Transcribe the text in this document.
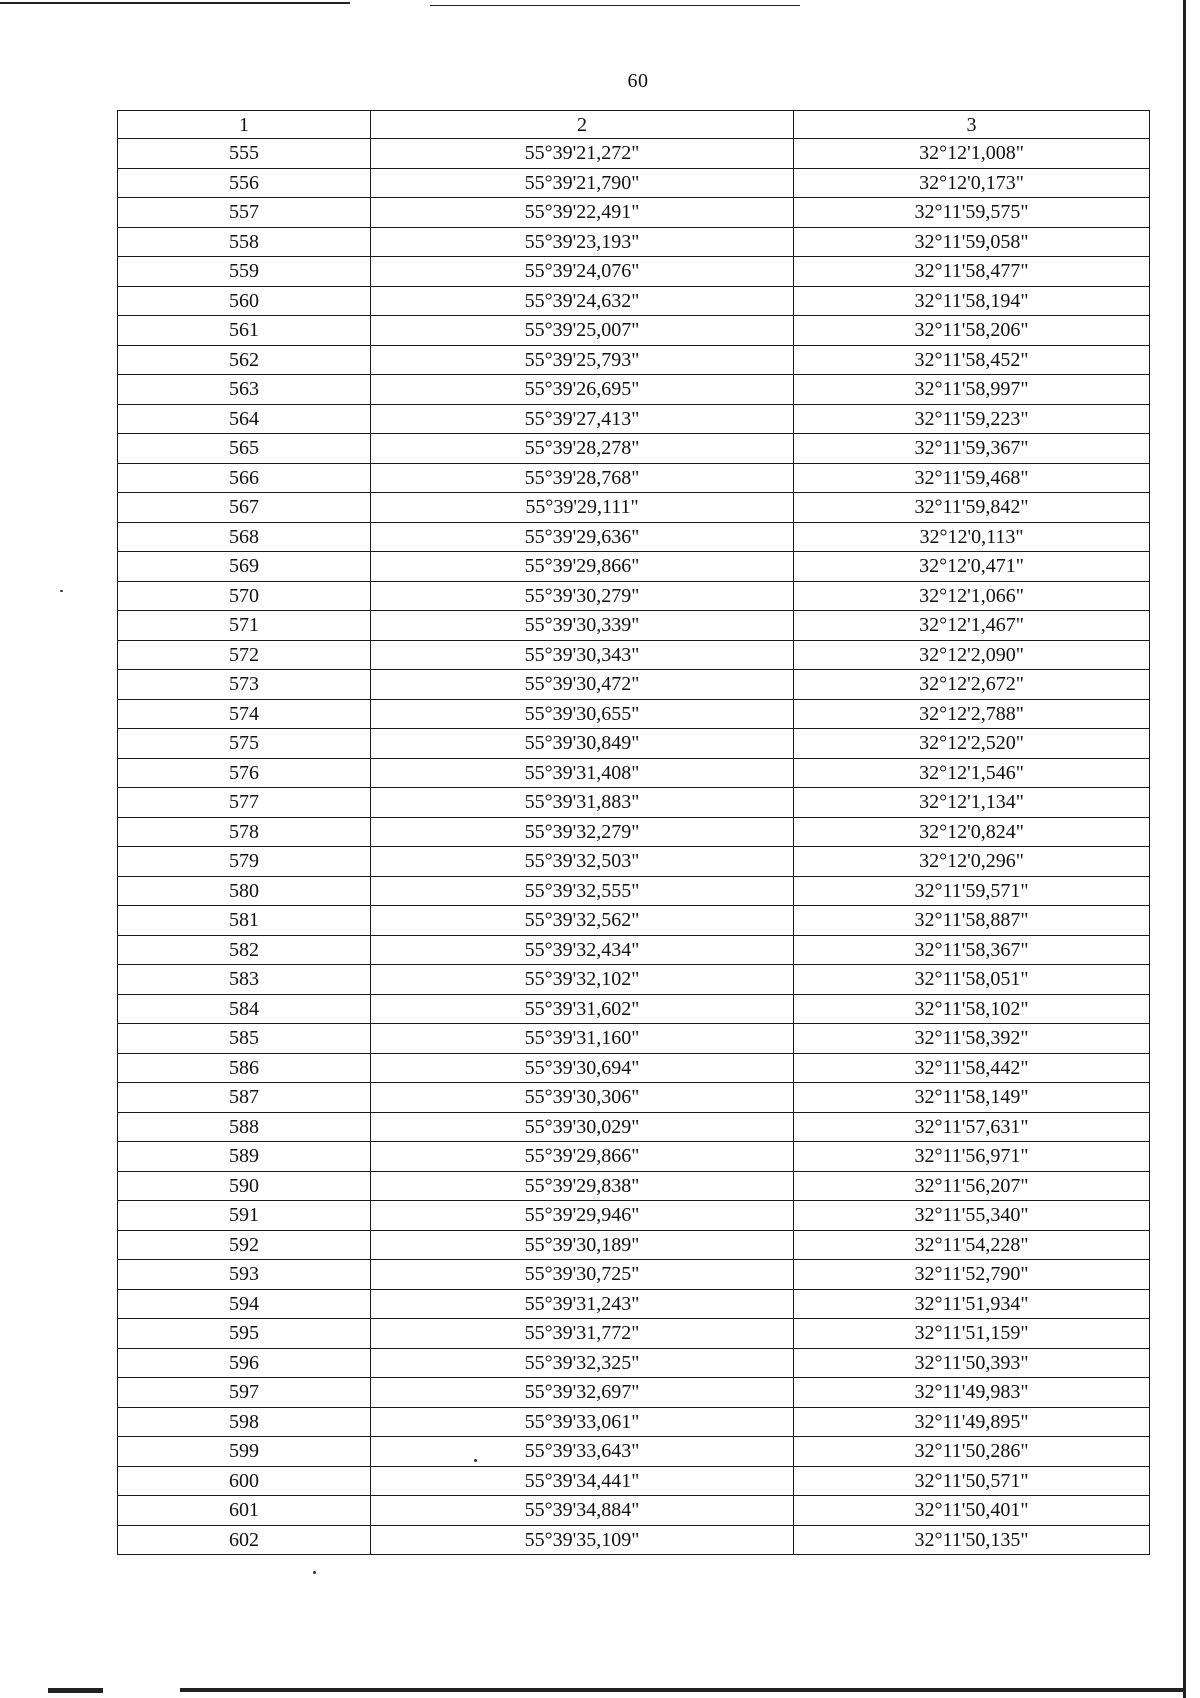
60
1	2	3
555	55°39'21,272"	32°12'1,008"
556	55°39'21,790"	32°12'0,173"
557	55°39'22,491"	32°11'59,575"
558	55°39'23,193"	32°11'59,058"
559	55°39'24,076"	32°11'58,477"
560	55°39'24,632"	32°11'58,194"
561	55°39'25,007"	32°11'58,206"
562	55°39'25,793"	32°11'58,452"
563	55°39'26,695"	32°11'58,997"
564	55°39'27,413"	32°11'59,223"
565	55°39'28,278"	32°11'59,367"
566	55°39'28,768"	32°11'59,468"
567	55°39'29,111"	32°11'59,842"
568	55°39'29,636"	32°12'0,113"
569	55°39'29,866"	32°12'0,471"
570	55°39'30,279"	32°12'1,066"
571	55°39'30,339"	32°12'1,467"
572	55°39'30,343"	32°12'2,090"
573	55°39'30,472"	32°12'2,672"
574	55°39'30,655"	32°12'2,788"
575	55°39'30,849"	32°12'2,520"
576	55°39'31,408"	32°12'1,546"
577	55°39'31,883"	32°12'1,134"
578	55°39'32,279"	32°12'0,824"
579	55°39'32,503"	32°12'0,296"
580	55°39'32,555"	32°11'59,571"
581	55°39'32,562"	32°11'58,887"
582	55°39'32,434"	32°11'58,367"
583	55°39'32,102"	32°11'58,051"
584	55°39'31,602"	32°11'58,102"
585	55°39'31,160"	32°11'58,392"
586	55°39'30,694"	32°11'58,442"
587	55°39'30,306"	32°11'58,149"
588	55°39'30,029"	32°11'57,631"
589	55°39'29,866"	32°11'56,971"
590	55°39'29,838"	32°11'56,207"
591	55°39'29,946"	32°11'55,340"
592	55°39'30,189"	32°11'54,228"
593	55°39'30,725"	32°11'52,790"
594	55°39'31,243"	32°11'51,934"
595	55°39'31,772"	32°11'51,159"
596	55°39'32,325"	32°11'50,393"
597	55°39'32,697"	32°11'49,983"
598	55°39'33,061"	32°11'49,895"
599	55°39'33,643"	32°11'50,286"
600	55°39'34,441"	32°11'50,571"
601	55°39'34,884"	32°11'50,401"
602	55°39'35,109"	32°11'50,135"
